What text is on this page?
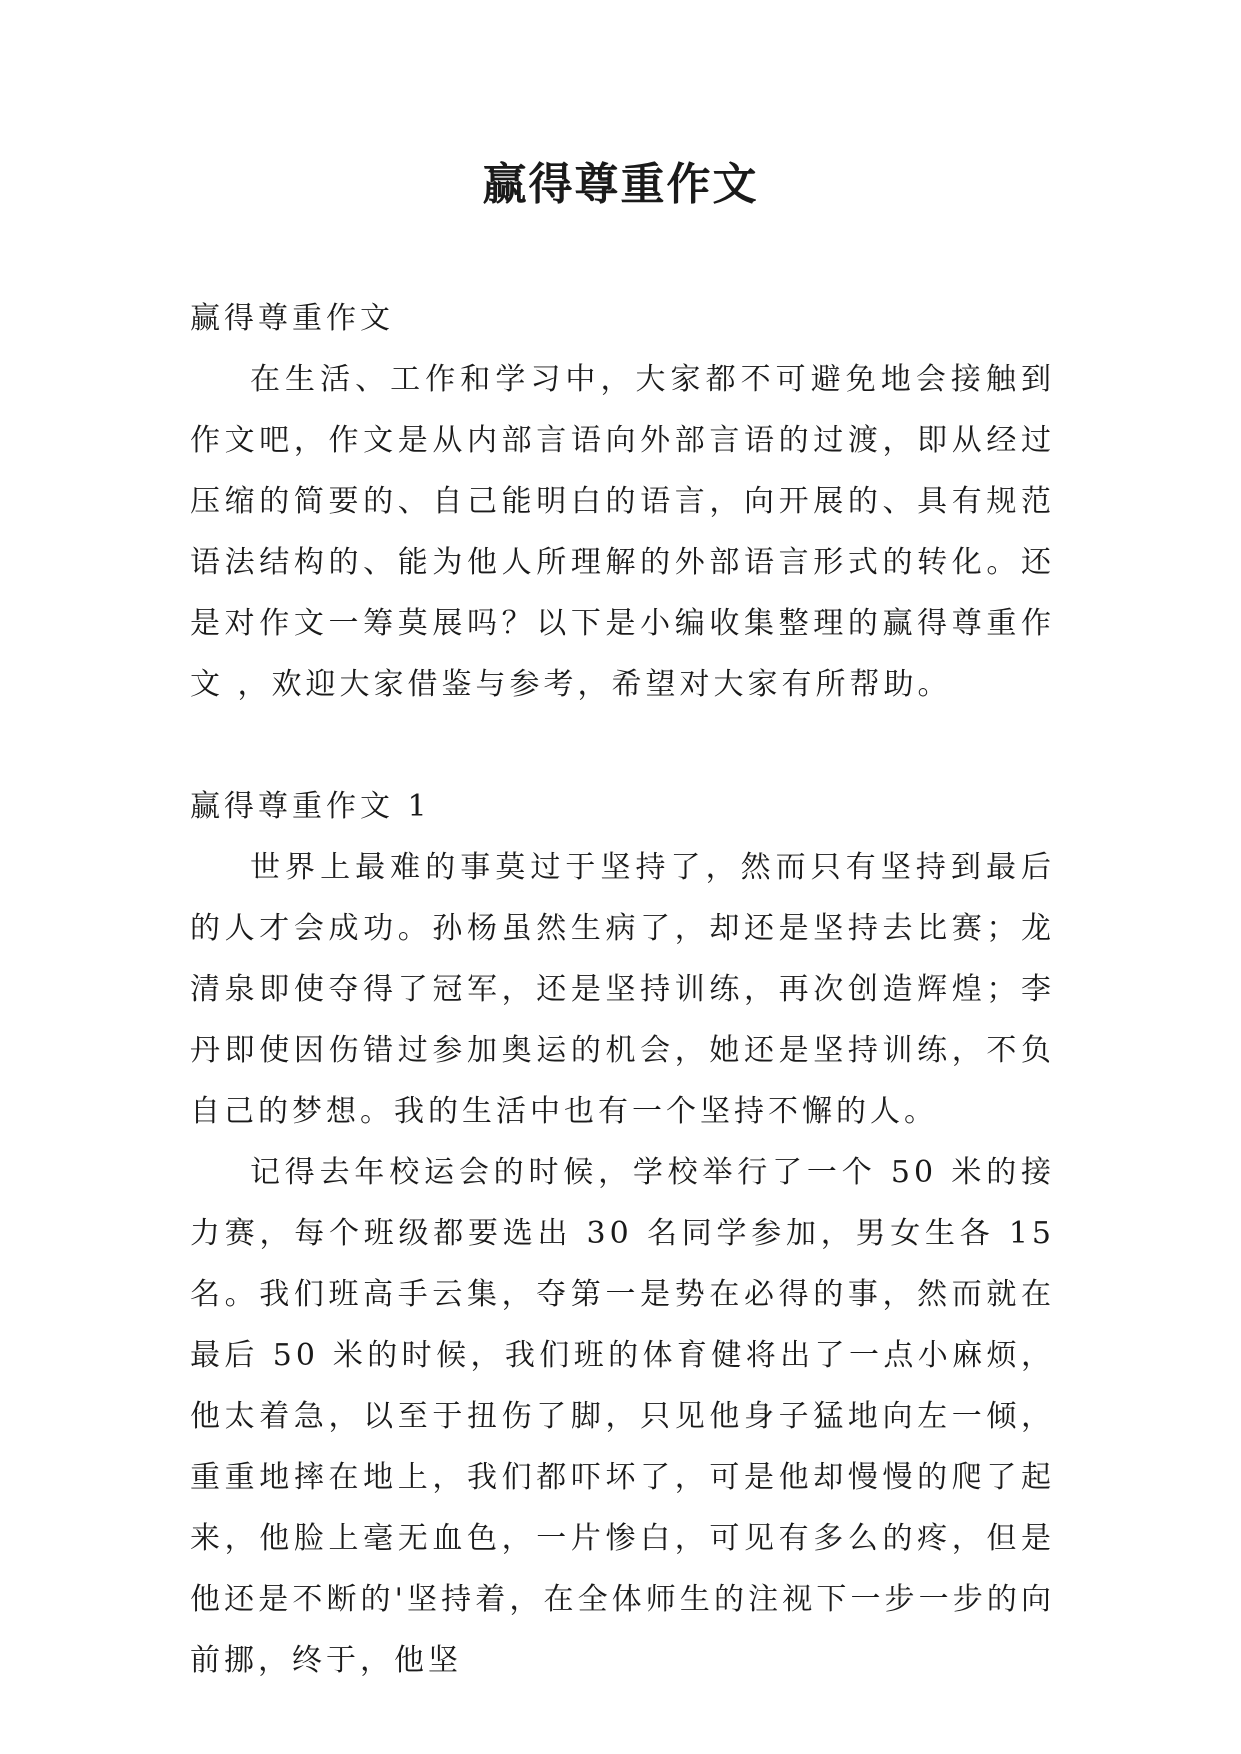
赢得尊重作文
赢得尊重作文

在生活、工作和学习中，大家都不可避免地会接触到作文吧，作文是从内部言语向外部言语的过渡，即从经过压缩的简要的、自己能明白的语言，向开展的、具有规范语法结构的、能为他人所理解的外部语言形式的转化。还是对作文一筹莫展吗？以下是小编收集整理的赢得尊重作文 ，欢迎大家借鉴与参考，希望对大家有所帮助。

赢得尊重作文 1

世界上最难的事莫过于坚持了，然而只有坚持到最后的人才会成功。孙杨虽然生病了，却还是坚持去比赛；龙清泉即使夺得了冠军，还是坚持训练，再次创造辉煌；李丹即使因伤错过参加奥运的机会，她还是坚持训练，不负自己的梦想。我的生活中也有一个坚持不懈的人。

记得去年校运会的时候，学校举行了一个 50 米的接力赛，每个班级都要选出 30 名同学参加，男女生各 15 名。我们班高手云集，夺第一是势在必得的事，然而就在最后 50 米的时候，我们班的体育健将出了一点小麻烦，他太着急，以至于扭伤了脚，只见他身子猛地向左一倾，重重地摔在地上，我们都吓坏了，可是他却慢慢的爬了起来，他脸上毫无血色，一片惨白，可见有多么的疼，但是他还是不断的'坚持着，在全体师生的注视下一步一步的向前挪，终于，他坚
